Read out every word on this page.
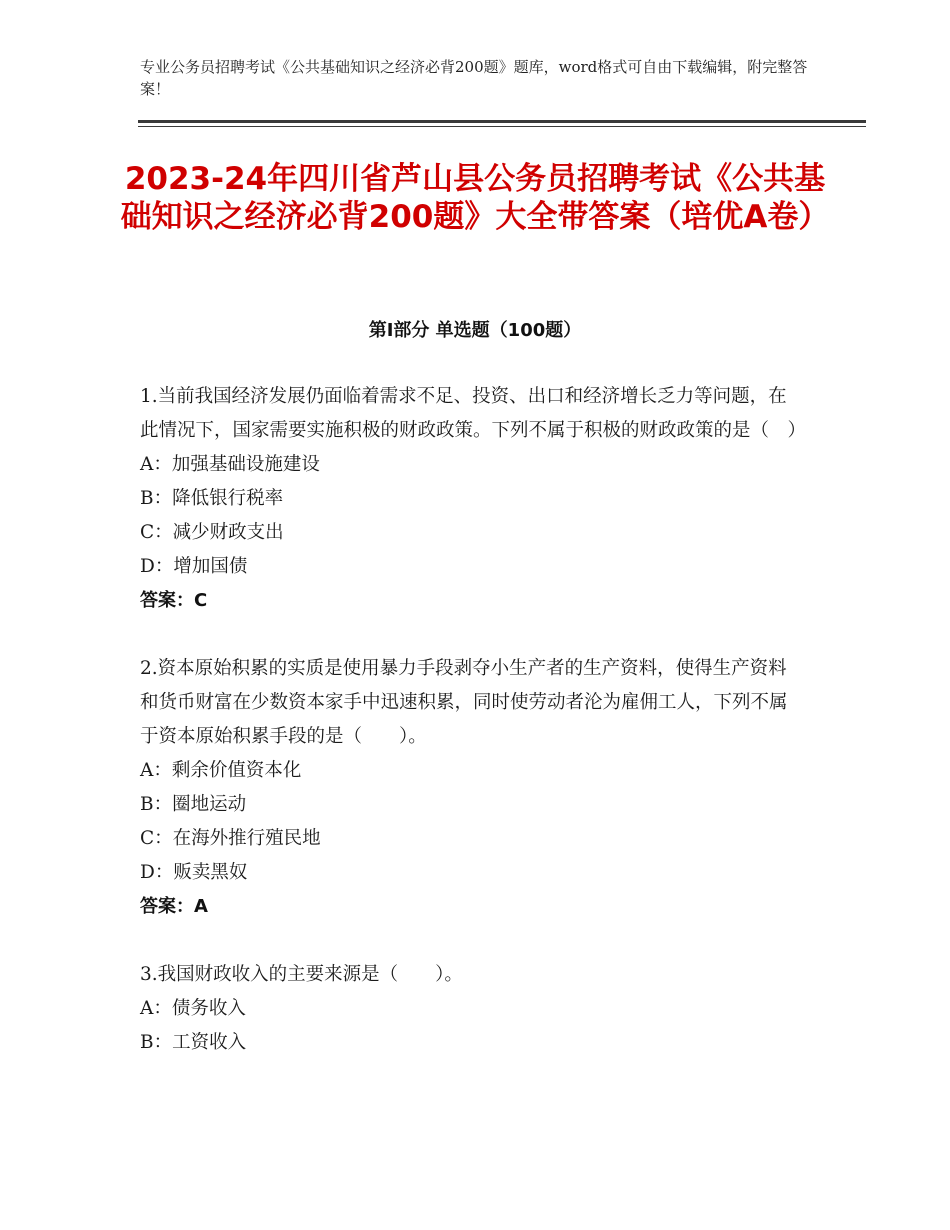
专业公务员招聘考试《公共基础知识之经济必背200题》题库，word格式可自由下载编辑，附完整答案！
2023-24年四川省芦山县公务员招聘考试《公共基础知识之经济必背200题》大全带答案（培优A卷）
第Ⅰ部分 单选题（100题）
1.当前我国经济发展仍面临着需求不足、投资、出口和经济增长乏力等问题，在此情况下，国家需要实施积极的财政政策。下列不属于积极的财政政策的是（　）
A：加强基础设施建设
B：降低银行税率
C：减少财政支出
D：增加国债
答案：C
2.资本原始积累的实质是使用暴力手段剥夺小生产者的生产资料，使得生产资料和货币财富在少数资本家手中迅速积累，同时使劳动者沦为雇佣工人，下列不属于资本原始积累手段的是（　　）。
A：剩余价值资本化
B：圈地运动
C：在海外推行殖民地
D：贩卖黑奴
答案：A
3.我国财政收入的主要来源是（　　）。
A：债务收入
B：工资收入
